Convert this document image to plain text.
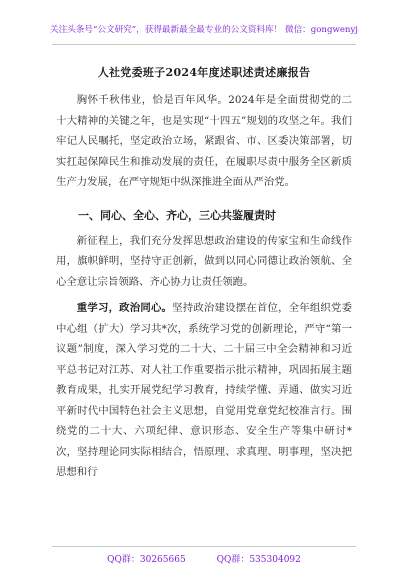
关注头条号“公文研究”，获得最新最全最专业的公文资料库！ 微信：gongwenyj
人社党委班子2024年度述职述责述廉报告

胸怀千秋伟业，恰是百年风华。2024年是全面贯彻党的二十大精神的关键之年，也是实现“十四五”规划的攻坚之年。我们牢记人民嘱托，坚定政治立场，紧跟省、市、区委决策部署，切实扛起保障民生和推动发展的责任，在履职尽责中服务全区新质生产力发展，在严守规矩中纵深推进全面从严治党。

一、同心、全心、齐心，三心共鉴履责时

新征程上，我们充分发挥思想政治建设的传家宝和生命线作用，旗帜鲜明，坚持守正创新，做到以同心同德让政治领航、全心全意让宗旨领路、齐心协力让责任领跑。

重学习，政治同心。坚持政治建设摆在首位，全年组织党委中心组（扩大）学习共*次，系统学习党的创新理论，严守“第一议题”制度，深入学习党的二十大、二十届三中全会精神和习近平总书记对江苏、对人社工作重要指示批示精神，巩固拓展主题教育成果，扎实开展党纪学习教育，持续学懂、弄通、做实习近平新时代中国特色社会主义思想，自觉用党章党纪校准言行。围绕党的二十大、六项纪律、意识形态、安全生产等集中研讨*次，坚持理论同实际相结合，悟原理、求真理、明事理，坚决把思想和行

QQ群：30265665	QQ群：535304092
